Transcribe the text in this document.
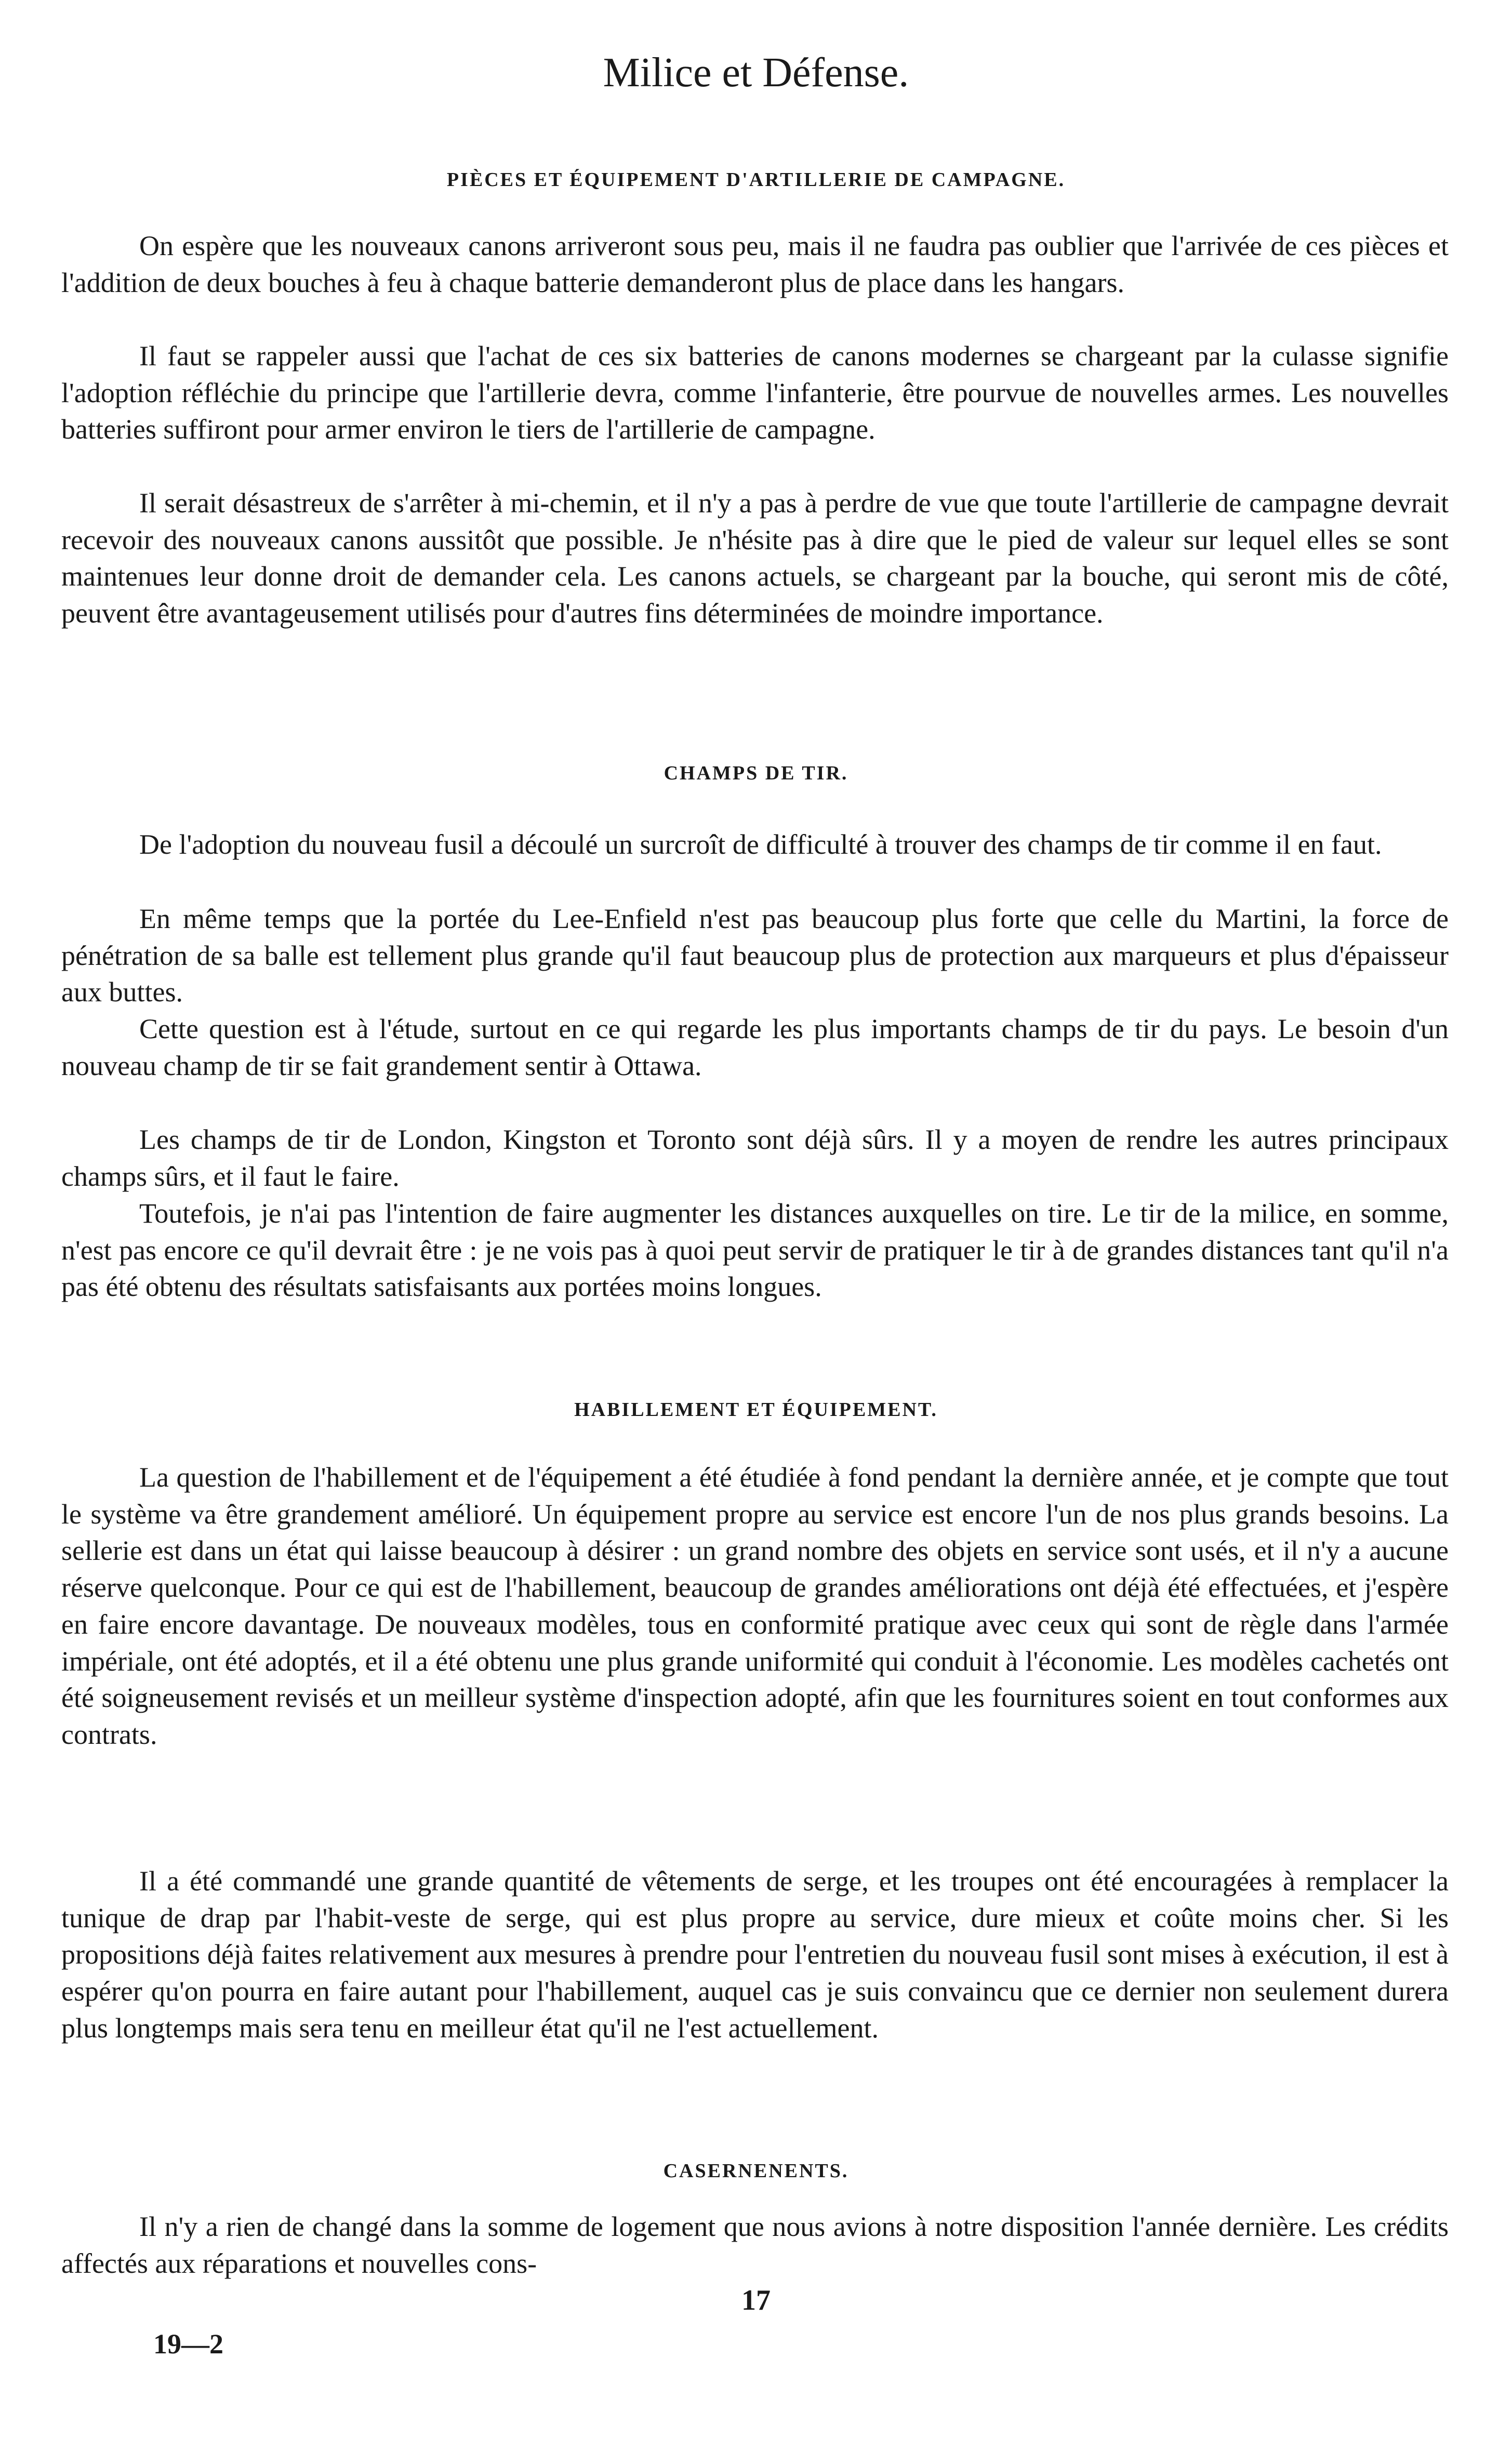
Milice et Défense.
PIÈCES ET ÉQUIPEMENT D'ARTILLERIE DE CAMPAGNE.

On espère que les nouveaux canons arriveront sous peu, mais il ne faudra pas oublier que l'arrivée de ces pièces et l'addition de deux bouches à feu à chaque batterie demanderont plus de place dans les hangars.

Il faut se rappeler aussi que l'achat de ces six batteries de canons modernes se chargeant par la culasse signifie l'adoption réfléchie du principe que l'artillerie devra, comme l'infanterie, être pourvue de nouvelles armes. Les nouvelles batteries suffiront pour armer environ le tiers de l'artillerie de campagne.

Il serait désastreux de s'arrêter à mi-chemin, et il n'y a pas à perdre de vue que toute l'artillerie de campagne devrait recevoir des nouveaux canons aussitôt que possible. Je n'hésite pas à dire que le pied de valeur sur lequel elles se sont maintenues leur donne droit de demander cela. Les canons actuels, se chargeant par la bouche, qui seront mis de côté, peuvent être avantageusement utilisés pour d'autres fins déterminées de moindre importance.

CHAMPS DE TIR.

De l'adoption du nouveau fusil a découlé un surcroît de difficulté à trouver des champs de tir comme il en faut.

En même temps que la portée du Lee-Enfield n'est pas beaucoup plus forte que celle du Martini, la force de pénétration de sa balle est tellement plus grande qu'il faut beaucoup plus de protection aux marqueurs et plus d'épaisseur aux buttes.

Cette question est à l'étude, surtout en ce qui regarde les plus importants champs de tir du pays. Le besoin d'un nouveau champ de tir se fait grandement sentir à Ottawa.

Les champs de tir de London, Kingston et Toronto sont déjà sûrs. Il y a moyen de rendre les autres principaux champs sûrs, et il faut le faire.

Toutefois, je n'ai pas l'intention de faire augmenter les distances auxquelles on tire. Le tir de la milice, en somme, n'est pas encore ce qu'il devrait être : je ne vois pas à quoi peut servir de pratiquer le tir à de grandes distances tant qu'il n'a pas été obtenu des résultats satisfaisants aux portées moins longues.

HABILLEMENT ET ÉQUIPEMENT.

La question de l'habillement et de l'équipement a été étudiée à fond pendant la dernière année, et je compte que tout le système va être grandement amélioré. Un équipement propre au service est encore l'un de nos plus grands besoins. La sellerie est dans un état qui laisse beaucoup à désirer : un grand nombre des objets en service sont usés, et il n'y a aucune réserve quelconque. Pour ce qui est de l'habillement, beaucoup de grandes améliorations ont déjà été effectuées, et j'espère en faire encore davantage. De nouveaux modèles, tous en conformité pratique avec ceux qui sont de règle dans l'armée impériale, ont été adoptés, et il a été obtenu une plus grande uniformité qui conduit à l'économie. Les modèles cachetés ont été soigneusement revisés et un meilleur système d'inspection adopté, afin que les fournitures soient en tout conformes aux contrats.

Il a été commandé une grande quantité de vêtements de serge, et les troupes ont été encouragées à remplacer la tunique de drap par l'habit-veste de serge, qui est plus propre au service, dure mieux et coûte moins cher. Si les propositions déjà faites relativement aux mesures à prendre pour l'entretien du nouveau fusil sont mises à exécution, il est à espérer qu'on pourra en faire autant pour l'habillement, auquel cas je suis convaincu que ce dernier non seulement durera plus longtemps mais sera tenu en meilleur état qu'il ne l'est actuellement.

CASERNENENTS.

Il n'y a rien de changé dans la somme de logement que nous avions à notre disposition l'année dernière. Les crédits affectés aux réparations et nouvelles cons-

17
19—2
